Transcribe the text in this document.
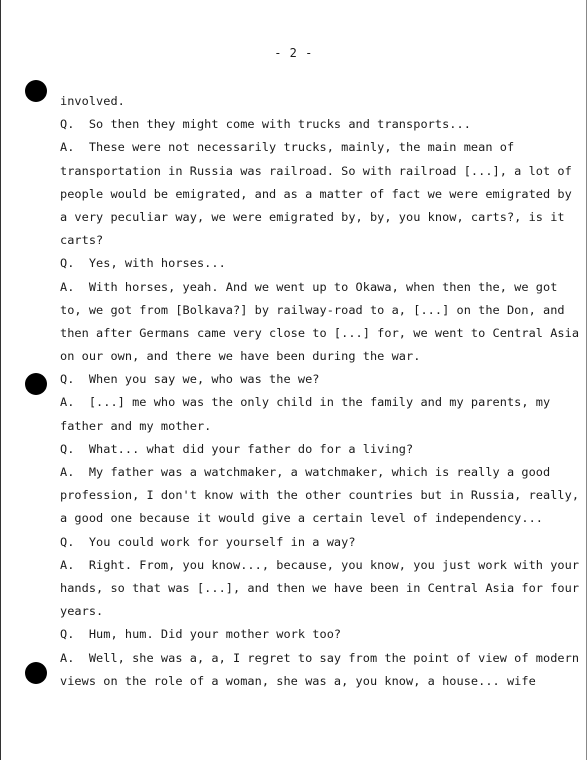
- 2 -
involved.
Q.  So then they might come with trucks and transports...
A.  These were not necessarily trucks, mainly, the main mean of
transportation in Russia was railroad. So with railroad [...], a lot of
people would be emigrated, and as a matter of fact we were emigrated by
a very peculiar way, we were emigrated by, by, you know, carts?, is it
carts?
Q.  Yes, with horses...
A.  With horses, yeah. And we went up to Okawa, when then the, we got
to, we got from [Bolkava?] by railway-road to a, [...] on the Don, and
then after Germans came very close to [...] for, we went to Central Asia
on our own, and there we have been during the war.
Q.  When you say we, who was the we?
A.  [...] me who was the only child in the family and my parents, my
father and my mother.
Q.  What... what did your father do for a living?
A.  My father was a watchmaker, a watchmaker, which is really a good
profession, I don't know with the other countries but in Russia, really,
a good one because it would give a certain level of independency...
Q.  You could work for yourself in a way?
A.  Right. From, you know..., because, you know, you just work with your
hands, so that was [...], and then we have been in Central Asia for four
years.
Q.  Hum, hum. Did your mother work too?
A.  Well, she was a, a, I regret to say from the point of view of modern
views on the role of a woman, she was a, you know, a house... wife
